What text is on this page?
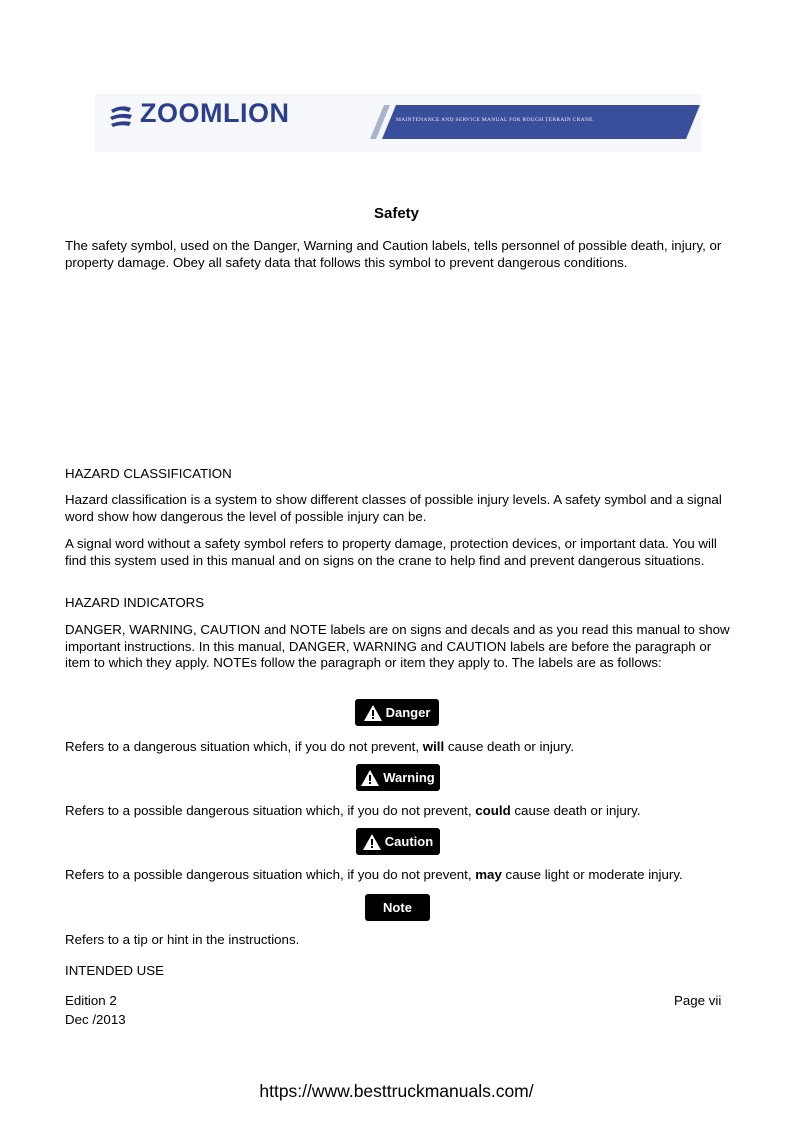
ZOOMLION	MAINTENANCE AND SERVICE MANUAL FOR ROUGH TERRAIN CRANE
Safety
The safety symbol, used on the Danger, Warning and Caution labels, tells personnel of possible death, injury, or property damage. Obey all safety data that follows this symbol to prevent dangerous conditions.
HAZARD CLASSIFICATION
Hazard classification is a system to show different classes of possible injury levels. A safety symbol and a signal word show how dangerous the level of possible injury can be.
A signal word without a safety symbol refers to property damage, protection devices, or important data. You will find this system used in this manual and on signs on the crane to help find and prevent dangerous situations.
HAZARD INDICATORS
DANGER, WARNING, CAUTION and NOTE labels are on signs and decals and as you read this manual to show important instructions. In this manual, DANGER, WARNING and CAUTION labels are before the paragraph or item to which they apply. NOTEs follow the paragraph or item they apply to. The labels are as follows:
Danger
Refers to a dangerous situation which, if you do not prevent, will cause death or injury.
Warning
Refers to a possible dangerous situation which, if you do not prevent, could cause death or injury.
Caution
Refers to a possible dangerous situation which, if you do not prevent, may cause light or moderate injury.
Note
Refers to a tip or hint in the instructions.
INTENDED USE
Edition 2
Dec /2013
Page vii
https://www.besttruckmanuals.com/
